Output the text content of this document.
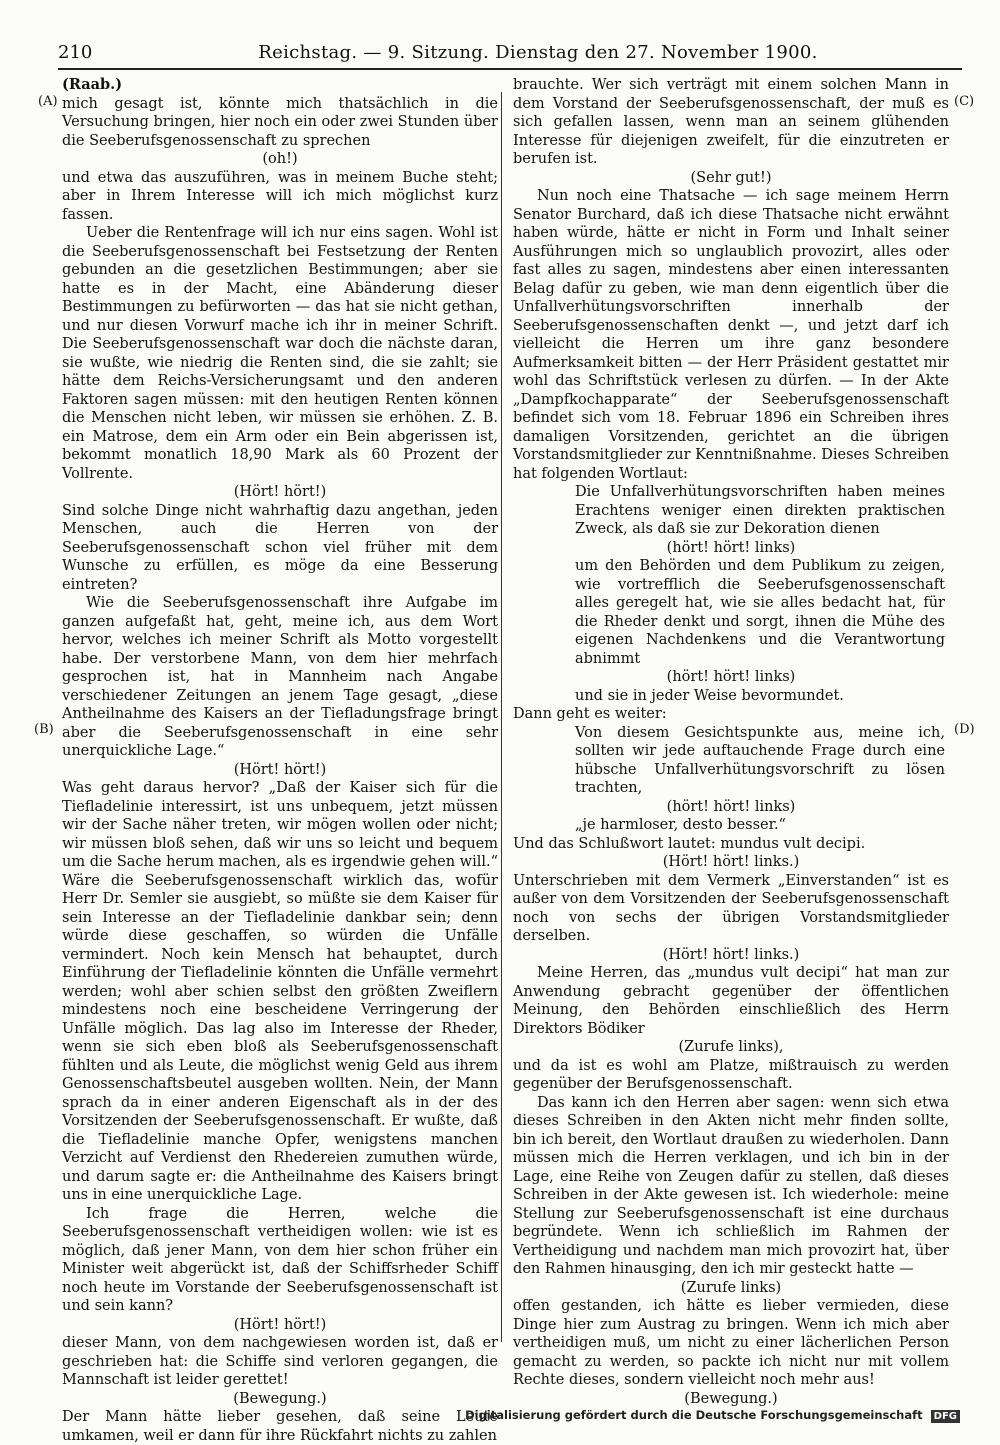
210	Reichstag. — 9. Sitzung. Dienstag den 27. November 1900.
(A)
(B)
(C)
(D)

(Raab.)

mich gesagt ist, könnte mich thatsächlich in die Versuchung bringen, hier noch ein oder zwei Stunden über die Seeberufsgenossenschaft zu sprechen

(oh!)

und etwa das auszuführen, was in meinem Buche steht; aber in Ihrem Interesse will ich mich möglichst kurz fassen.

Ueber die Rentenfrage will ich nur eins sagen. Wohl ist die Seeberufsgenossenschaft bei Festsetzung der Renten gebunden an die gesetzlichen Bestimmungen; aber sie hatte es in der Macht, eine Abänderung dieser Bestimmungen zu befürworten — das hat sie nicht gethan, und nur diesen Vorwurf mache ich ihr in meiner Schrift. Die Seeberufsgenossenschaft war doch die nächste daran, sie wußte, wie niedrig die Renten sind, die sie zahlt; sie hätte dem Reichs-Versicherungsamt und den anderen Faktoren sagen müssen: mit den heutigen Renten können die Menschen nicht leben, wir müssen sie erhöhen. Z. B. ein Matrose, dem ein Arm oder ein Bein abgerissen ist, bekommt monatlich 18,90 Mark als 60 Prozent der Vollrente.

(Hört! hört!)

Sind solche Dinge nicht wahrhaftig dazu angethan, jeden Menschen, auch die Herren von der Seeberufsgenossenschaft schon viel früher mit dem Wunsche zu erfüllen, es möge da eine Besserung eintreten?

Wie die Seeberufsgenossenschaft ihre Aufgabe im ganzen aufgefaßt hat, geht, meine ich, aus dem Wort hervor, welches ich meiner Schrift als Motto vorgestellt habe. Der verstorbene Mann, von dem hier mehrfach gesprochen ist, hat in Mannheim nach Angabe verschiedener Zeitungen an jenem Tage gesagt, „diese Antheilnahme des Kaisers an der Tiefladungsfrage bringt aber die Seeberufsgenossenschaft in eine sehr unerquickliche Lage.“

(Hört! hört!)

Was geht daraus hervor? „Daß der Kaiser sich für die Tiefladelinie interessirt, ist uns unbequem, jetzt müssen wir der Sache näher treten, wir mögen wollen oder nicht; wir müssen bloß sehen, daß wir uns so leicht und bequem um die Sache herum machen, als es irgendwie gehen will.“ Wäre die Seeberufsgenossenschaft wirklich das, wofür Herr Dr. Semler sie ausgiebt, so müßte sie dem Kaiser für sein Interesse an der Tiefladelinie dankbar sein; denn würde diese geschaffen, so würden die Unfälle vermindert. Noch kein Mensch hat behauptet, durch Einführung der Tiefladelinie könnten die Unfälle vermehrt werden; wohl aber schien selbst den größten Zweiflern mindestens noch eine bescheidene Verringerung der Unfälle möglich. Das lag also im Interesse der Rheder, wenn sie sich eben bloß als Seeberufsgenossenschaft fühlten und als Leute, die möglichst wenig Geld aus ihrem Genossenschaftsbeutel ausgeben wollten. Nein, der Mann sprach da in einer anderen Eigenschaft als in der des Vorsitzenden der Seeberufsgenossenschaft. Er wußte, daß die Tiefladelinie manche Opfer, wenigstens manchen Verzicht auf Verdienst den Rhedereien zumuthen würde, und darum sagte er: die Antheilnahme des Kaisers bringt uns in eine unerquickliche Lage.

Ich frage die Herren, welche die Seeberufsgenossenschaft vertheidigen wollen: wie ist es möglich, daß jener Mann, von dem hier schon früher ein Minister weit abgerückt ist, daß der Schiffsrheder Schiff noch heute im Vorstande der Seeberufsgenossenschaft ist und sein kann?

(Hört! hört!)

dieser Mann, von dem nachgewiesen worden ist, daß er geschrieben hat: die Schiffe sind verloren gegangen, die Mannschaft ist leider gerettet!

(Bewegung.)

Der Mann hätte lieber gesehen, daß seine Leute umkamen, weil er dann für ihre Rückfahrt nichts zu zahlen

brauchte. Wer sich verträgt mit einem solchen Mann in dem Vorstand der Seeberufsgenossenschaft, der muß es sich gefallen lassen, wenn man an seinem glühenden Interesse für diejenigen zweifelt, für die einzutreten er berufen ist.

(Sehr gut!)

Nun noch eine Thatsache — ich sage meinem Herrn Senator Burchard, daß ich diese Thatsache nicht erwähnt haben würde, hätte er nicht in Form und Inhalt seiner Ausführungen mich so unglaublich provozirt, alles oder fast alles zu sagen, mindestens aber einen interessanten Belag dafür zu geben, wie man denn eigentlich über die Unfallverhütungsvorschriften innerhalb der Seeberufsgenossenschaften denkt —, und jetzt darf ich vielleicht die Herren um ihre ganz besondere Aufmerksamkeit bitten — der Herr Präsident gestattet mir wohl das Schriftstück verlesen zu dürfen. — In der Akte „Dampfkochapparate“ der Seeberufsgenossenschaft befindet sich vom 18. Februar 1896 ein Schreiben ihres damaligen Vorsitzenden, gerichtet an die übrigen Vorstandsmitglieder zur Kenntnißnahme. Dieses Schreiben hat folgenden Wortlaut:

Die Unfallverhütungsvorschriften haben meines Erachtens weniger einen direkten praktischen Zweck, als daß sie zur Dekoration dienen

(hört! hört! links)

um den Behörden und dem Publikum zu zeigen, wie vortrefflich die Seeberufsgenossenschaft alles geregelt hat, wie sie alles bedacht hat, für die Rheder denkt und sorgt, ihnen die Mühe des eigenen Nachdenkens und die Verantwortung abnimmt

(hört! hört! links)

und sie in jeder Weise bevormundet.

Dann geht es weiter:

Von diesem Gesichtspunkte aus, meine ich, sollten wir jede auftauchende Frage durch eine hübsche Unfallverhütungsvorschrift zu lösen trachten,

(hört! hört! links)

„je harmloser, desto besser.“

Und das Schlußwort lautet: mundus vult decipi.

(Hört! hört! links.)

Unterschrieben mit dem Vermerk „Einverstanden“ ist es außer von dem Vorsitzenden der Seeberufsgenossenschaft noch von sechs der übrigen Vorstandsmitglieder derselben.

(Hört! hört! links.)

Meine Herren, das „mundus vult decipi“ hat man zur Anwendung gebracht gegenüber der öffentlichen Meinung, den Behörden einschließlich des Herrn Direktors Bödiker

(Zurufe links),

und da ist es wohl am Platze, mißtrauisch zu werden gegenüber der Berufsgenossenschaft.

Das kann ich den Herren aber sagen: wenn sich etwa dieses Schreiben in den Akten nicht mehr finden sollte, bin ich bereit, den Wortlaut draußen zu wiederholen. Dann müssen mich die Herren verklagen, und ich bin in der Lage, eine Reihe von Zeugen dafür zu stellen, daß dieses Schreiben in der Akte gewesen ist. Ich wiederhole: meine Stellung zur Seeberufsgenossenschaft ist eine durchaus begründete. Wenn ich schließlich im Rahmen der Vertheidigung und nachdem man mich provozirt hat, über den Rahmen hinausging, den ich mir gesteckt hatte —

(Zurufe links)

offen gestanden, ich hätte es lieber vermieden, diese Dinge hier zum Austrag zu bringen. Wenn ich mich aber vertheidigen muß, um nicht zu einer lächerlichen Person gemacht zu werden, so packte ich nicht nur mit vollem Rechte dieses, sondern vielleicht noch mehr aus!

(Bewegung.)

Digitalisierung gefördert durch die Deutsche Forschungsgemeinschaft DFG
